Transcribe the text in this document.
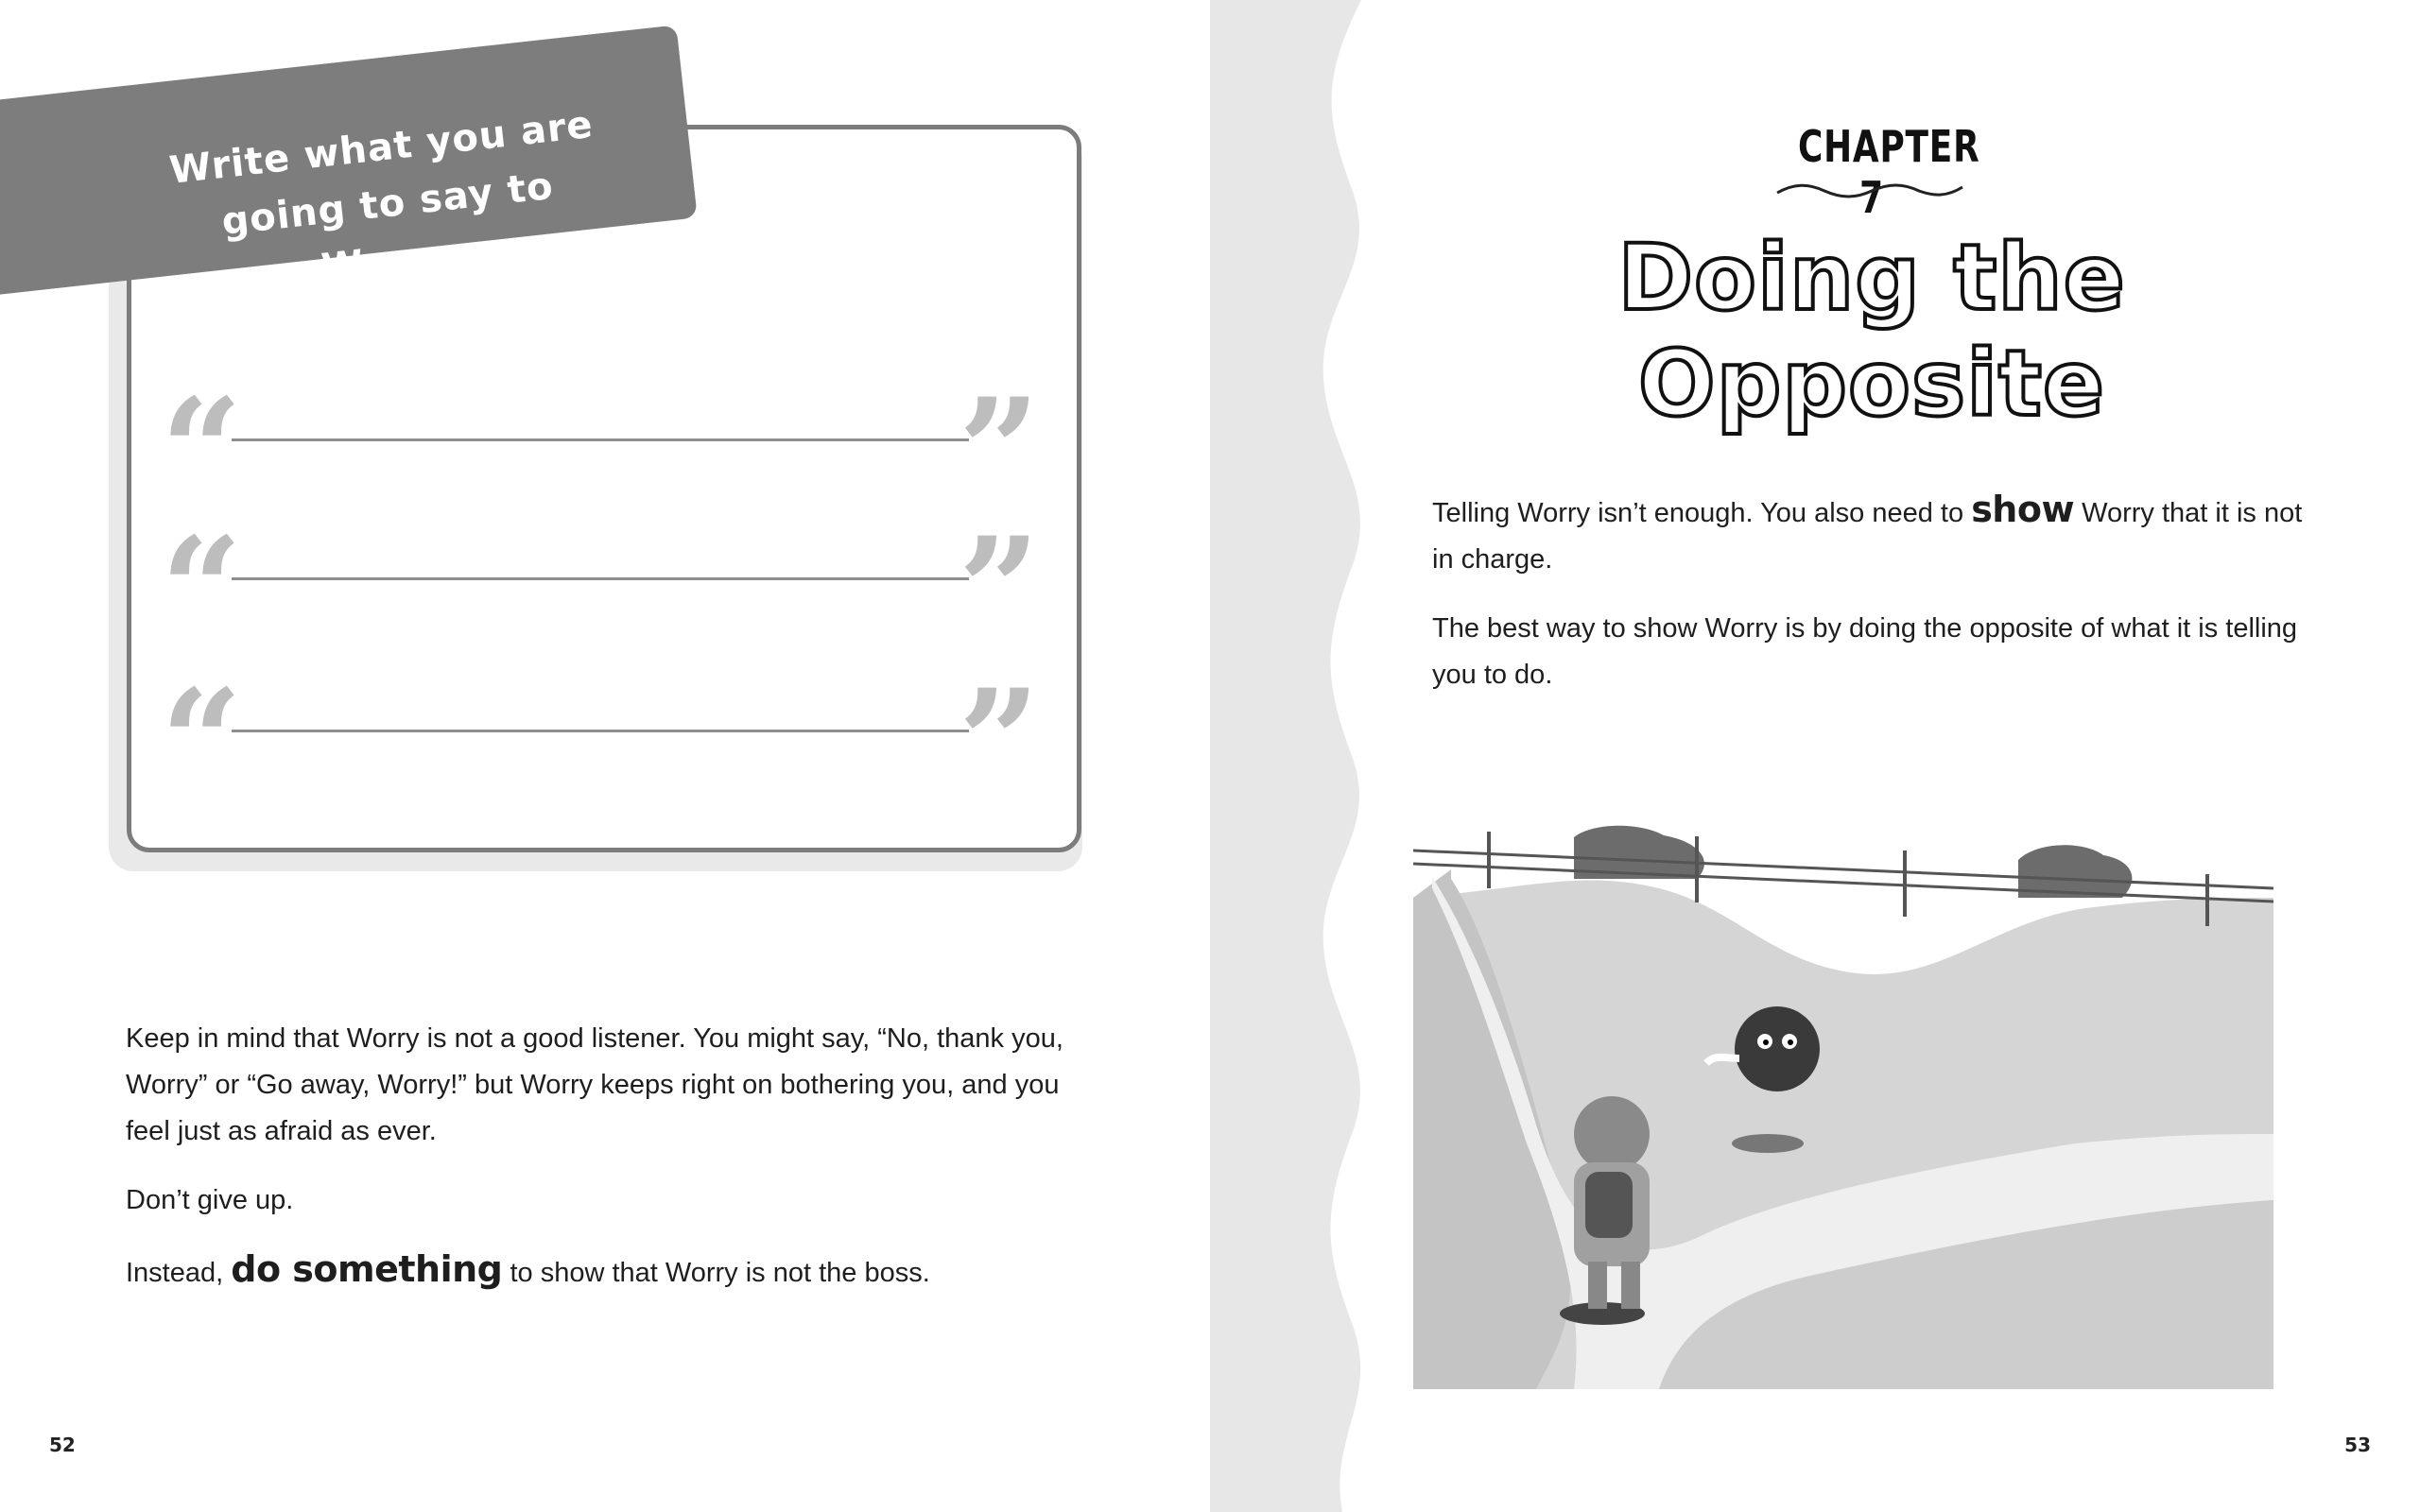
“	”
“	”
“	”
Write what you are going to say to Worry.

Keep in mind that Worry is not a good listener. You might say, “No, thank you, Worry” or “Go away, Worry!” but Worry keeps right on bothering you, and you feel just as afraid as ever.

Don’t give up.

Instead, do something to show that Worry is not the boss.

52
CHAPTER 7
Doing the Opposite

Telling Worry isn’t enough. You also need to show Worry that it is not in charge.

The best way to show Worry is by doing the opposite of what it is telling you to do.

53
